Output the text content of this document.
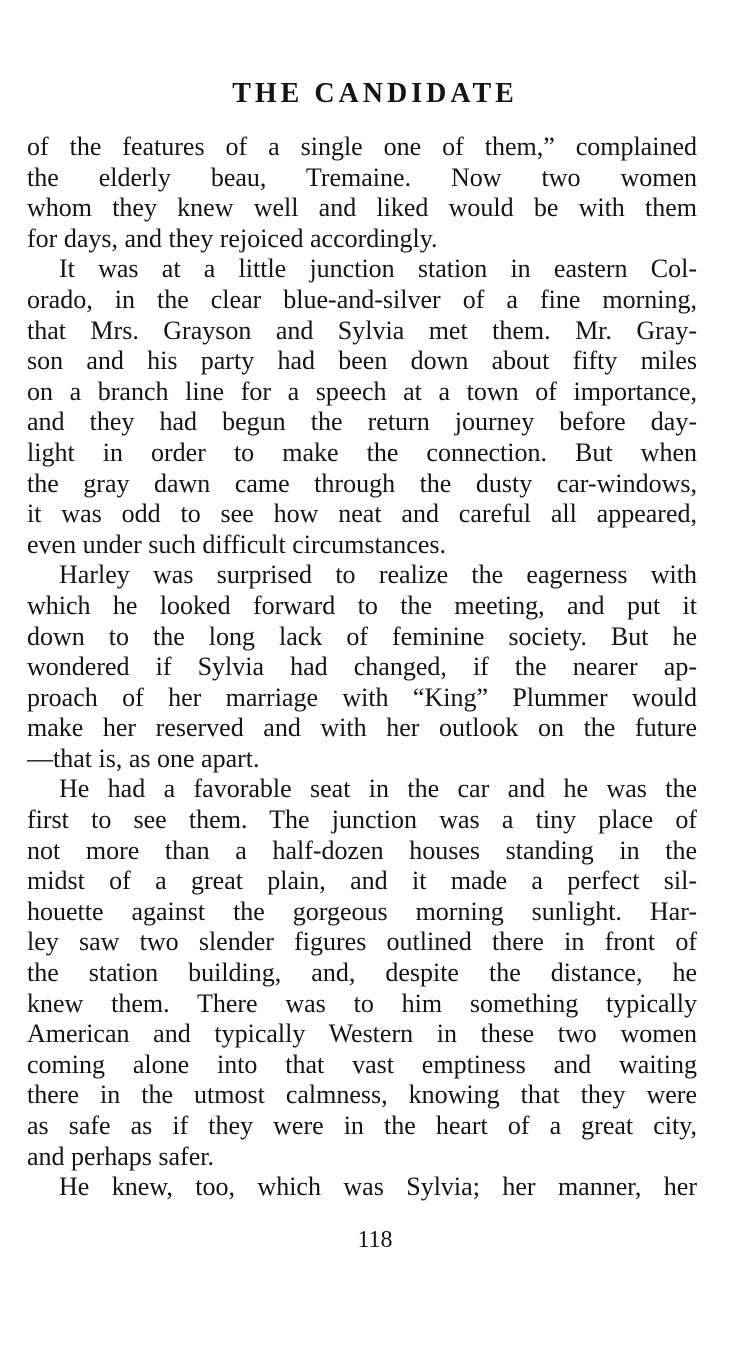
THE CANDIDATE
of the features of a single one of them,” complained
the elderly beau, Tremaine. Now two women
whom they knew well and liked would be with them
for days, and they rejoiced accordingly.
It was at a little junction station in eastern Col-
orado, in the clear blue-and-silver of a fine morning,
that Mrs. Grayson and Sylvia met them. Mr. Gray-
son and his party had been down about fifty miles
on a branch line for a speech at a town of importance,
and they had begun the return journey before day-
light in order to make the connection. But when
the gray dawn came through the dusty car-windows,
it was odd to see how neat and careful all appeared,
even under such difficult circumstances.
Harley was surprised to realize the eagerness with
which he looked forward to the meeting, and put it
down to the long lack of feminine society. But he
wondered if Sylvia had changed, if the nearer ap-
proach of her marriage with “King” Plummer would
make her reserved and with her outlook on the future
—that is, as one apart.
He had a favorable seat in the car and he was the
first to see them. The junction was a tiny place of
not more than a half-dozen houses standing in the
midst of a great plain, and it made a perfect sil-
houette against the gorgeous morning sunlight. Har-
ley saw two slender figures outlined there in front of
the station building, and, despite the distance, he
knew them. There was to him something typically
American and typically Western in these two women
coming alone into that vast emptiness and waiting
there in the utmost calmness, knowing that they were
as safe as if they were in the heart of a great city,
and perhaps safer.
He knew, too, which was Sylvia; her manner, her
118
